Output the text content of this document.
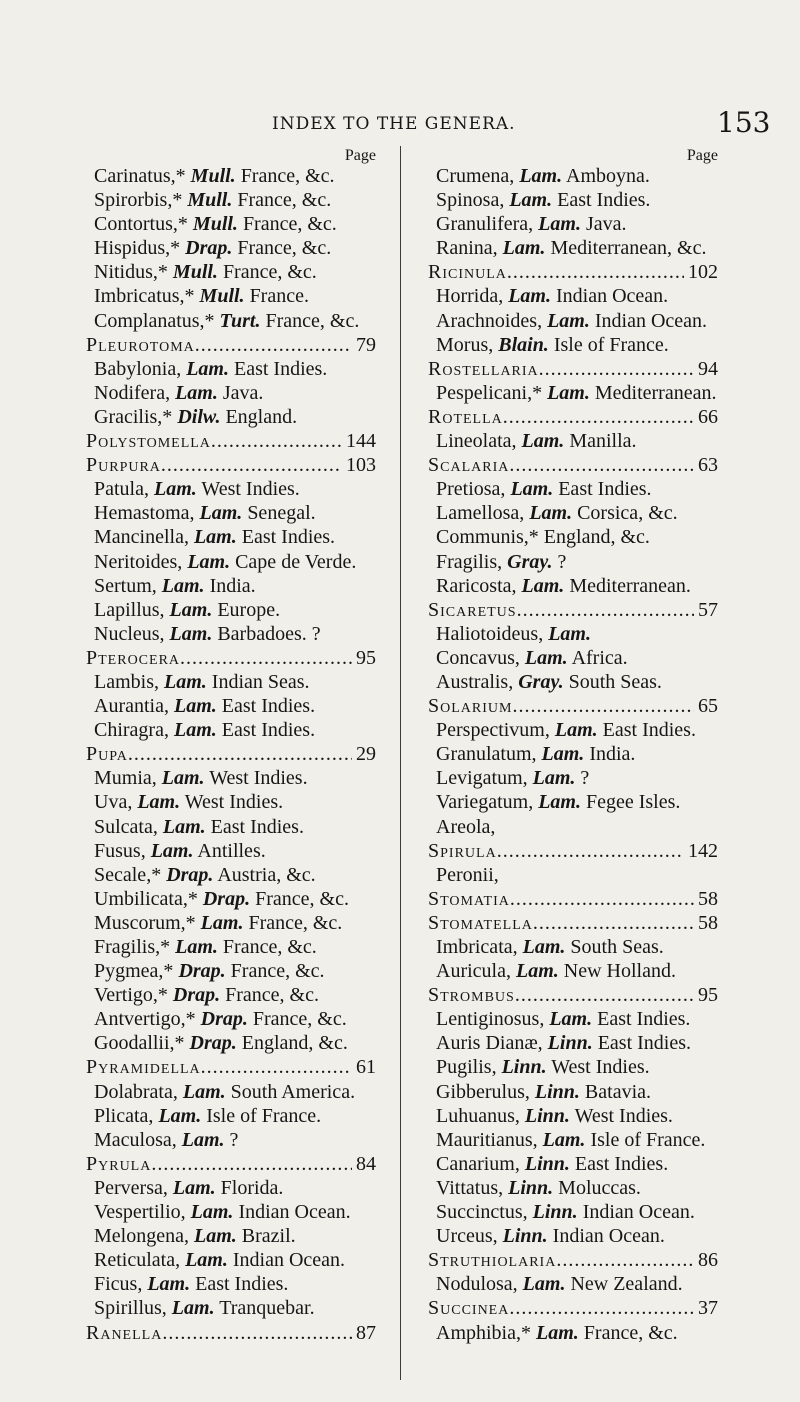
INDEX TO THE GENERA.	153
Page
Carinatus,* Mull. France, &c.
Spirorbis,* Mull. France, &c.
Contortus,* Mull. France, &c.
Hispidus,* Drap. France, &c.
Nitidus,* Mull. France, &c.
Imbricatus,* Mull. France.
Complanatus,* Turt. France, &c.
Pleurotoma . . .	79
Babylonia, Lam. East Indies.
Nodifera, Lam. Java.
Gracilis,* Dilw. England.
Polystomella . . .	144
Purpura . . .	103
Patula, Lam. West Indies.
Hemastoma, Lam. Senegal.
Mancinella, Lam. East Indies.
Neritoides, Lam. Cape de Verde.
Sertum, Lam. India.
Lapillus, Lam. Europe.
Nucleus, Lam. Barbadoes. ?
Pterocera . . .	95
Lambis, Lam. Indian Seas.
Aurantia, Lam. East Indies.
Chiragra, Lam. East Indies.
Pupa . . .	29
Mumia, Lam. West Indies.
Uva, Lam. West Indies.
Sulcata, Lam. East Indies.
Fusus, Lam. Antilles.
Secale,* Drap. Austria, &c.
Umbilicata,* Drap. France, &c.
Muscorum,* Lam. France, &c.
Fragilis,* Lam. France, &c.
Pygmea,* Drap. France, &c.
Vertigo,* Drap. France, &c.
Antvertigo,* Drap. France, &c.
Goodallii,* Drap. England, &c.
Pyramidella . . .	61
Dolabrata, Lam. South America.
Plicata, Lam. Isle of France.
Maculosa, Lam. ?
Pyrula . . .	84
Perversa, Lam. Florida.
Vespertilio, Lam. Indian Ocean.
Melongena, Lam. Brazil.
Reticulata, Lam. Indian Ocean.
Ficus, Lam. East Indies.
Spirillus, Lam. Tranquebar.
Ranella . . .	87
Page
Crumena, Lam. Amboyna.
Spinosa, Lam. East Indies.
Granulifera, Lam. Java.
Ranina, Lam. Mediterranean, &c.
Ricinula . . .	102
Horrida, Lam. Indian Ocean.
Arachnoides, Lam. Indian Ocean.
Morus, Blain. Isle of France.
Rostellaria . . .	94
Pespelicani,* Lam. Mediterranean.
Rotella . . .	66
Lineolata, Lam. Manilla.
Scalaria . . .	63
Pretiosa, Lam. East Indies.
Lamellosa, Lam. Corsica, &c.
Communis,* England, &c.
Fragilis, Gray. ?
Raricosta, Lam. Mediterranean.
Sicaretus . . .	57
Haliotoideus, Lam.
Concavus, Lam. Africa.
Australis, Gray. South Seas.
Solarium . . .	65
Perspectivum, Lam. East Indies.
Granulatum, Lam. India.
Levigatum, Lam. ?
Variegatum, Lam. Fegee Isles.
Areola,
Spirula . . .	142
Peronii,
Stomatia . . .	58
Stomatella . . .	58
Imbricata, Lam. South Seas.
Auricula, Lam. New Holland.
Strombus . . .	95
Lentiginosus, Lam. East Indies.
Auris Dianæ, Linn. East Indies.
Pugilis, Linn. West Indies.
Gibberulus, Linn. Batavia.
Luhuanus, Linn. West Indies.
Mauritianus, Lam. Isle of France.
Canarium, Linn. East Indies.
Vittatus, Linn. Moluccas.
Succinctus, Linn. Indian Ocean.
Urceus, Linn. Indian Ocean.
Struthiolaria . . .	86
Nodulosa, Lam. New Zealand.
Succinea . . .	37
Amphibia,* Lam. France, &c.
